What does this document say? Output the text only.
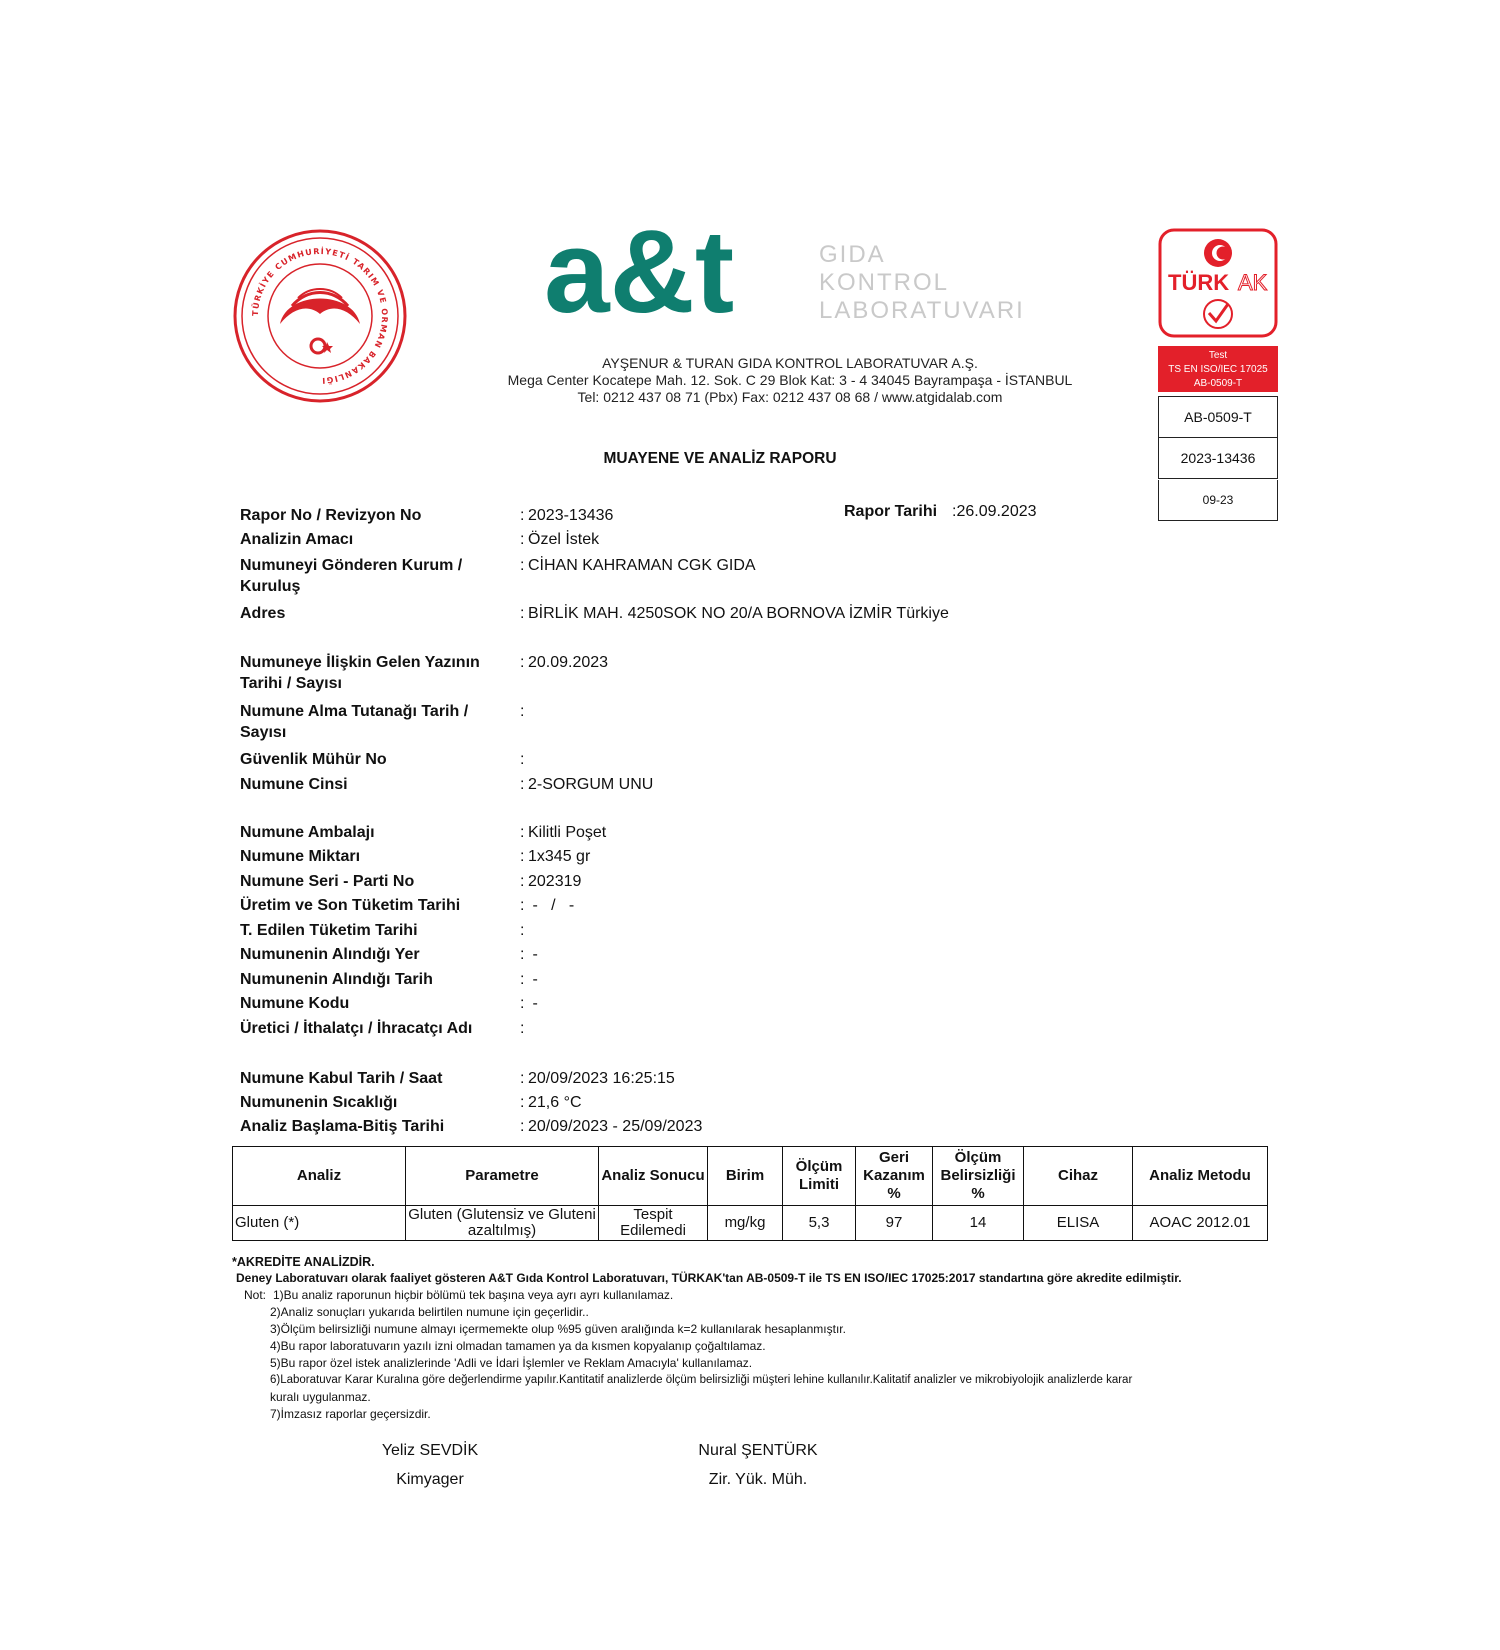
TÜRKİYE CUMHURİYETİ TARIM VE ORMAN BAKANLIĞI
a&t	GIDA
KONTROL
LABORATUVARI
AYŞENUR & TURAN GIDA KONTROL LABORATUVAR A.Ş.
Mega Center Kocatepe Mah. 12. Sok. C 29 Blok Kat: 3 - 4 34045 Bayrampaşa - İSTANBUL
Tel: 0212 437 08 71 (Pbx) Fax: 0212 437 08 68 / www.atgidalab.com
TÜRK AK
Test
TS EN ISO/IEC 17025
AB-0509-T
AB-0509-T
2023-13436
09-23
MUAYENE VE ANALİZ RAPORU
Rapor No / Revizyon No	: 2023-13436	Rapor Tarihi :26.09.2023
Analizin Amacı	: Özel İstek
Numuneyi Gönderen Kurum / Kuruluş
: CİHAN KAHRAMAN CGK GIDA
Adres	: BİRLİK MAH. 4250SOK NO 20/A BORNOVA İZMİR Türkiye
Numuneye İlişkin Gelen Yazının Tarihi / Sayısı
: 20.09.2023
Numune Alma Tutanağı Tarih / Sayısı
:
Güvenlik Mühür No	:
Numune Cinsi	: 2-SORGUM UNU
Numune Ambalajı	: Kilitli Poşet
Numune Miktarı	: 1x345 gr
Numune Seri - Parti No	: 202319
Üretim ve Son Tüketim Tarihi	: -   /   -
T. Edilen Tüketim Tarihi	:
Numunenin Alındığı Yer	: -
Numunenin Alındığı Tarih	: -
Numune Kodu	: -
Üretici / İthalatçı / İhracatçı Adı	:
Numune Kabul Tarih / Saat	: 20/09/2023 16:25:15
Numunenin Sıcaklığı	: 21,6 °C
Analiz Başlama-Bitiş Tarihi	: 20/09/2023 - 25/09/2023
Analiz	Parametre	Analiz Sonucu	Birim	Ölçüm Limiti	Geri Kazanım %	Ölçüm Belirsizliği %	Cihaz	Analiz Metodu
Gluten (*)	Gluten (Glutensiz ve Gluteni azaltılmış)	Tespit Edilemedi	mg/kg	5,3	97	14	ELISA	AOAC 2012.01
*AKREDİTE ANALİZDİR.
Deney Laboratuvarı olarak faaliyet gösteren A&T Gıda Kontrol Laboratuvarı, TÜRKAK'tan AB-0509-T ile TS EN ISO/IEC 17025:2017 standartına göre akredite edilmiştir.
Not: 1)Bu analiz raporunun hiçbir bölümü tek başına veya ayrı ayrı kullanılamaz.
2)Analiz sonuçları yukarıda belirtilen numune için geçerlidir..
3)Ölçüm belirsizliği numune almayı içermemekte olup %95 güven aralığında k=2 kullanılarak hesaplanmıştır.
4)Bu rapor laboratuvarın yazılı izni olmadan tamamen ya da kısmen kopyalanıp çoğaltılamaz.
5)Bu rapor özel istek analizlerinde 'Adli ve İdari İşlemler ve Reklam Amacıyla' kullanılamaz.
6)Laboratuvar Karar Kuralına göre değerlendirme yapılır.Kantitatif analizlerde ölçüm belirsizliği müşteri lehine kullanılır.Kalitatif analizler ve mikrobiyolojik analizlerde karar
kuralı uygulanmaz.
7)İmzasız raporlar geçersizdir.
Yeliz SEVDİK
Kimyager
Nural ŞENTÜRK
Zir. Yük. Müh.
